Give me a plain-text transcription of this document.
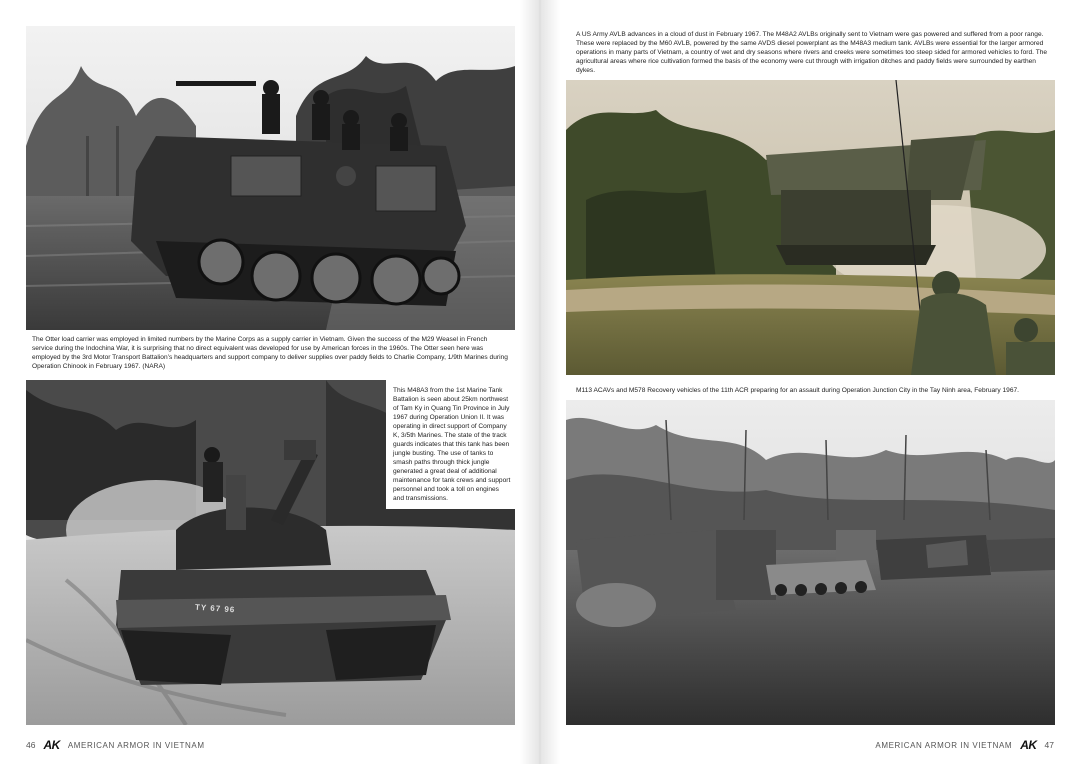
The Otter load carrier was employed in limited numbers by the Marine Corps as a supply carrier in Vietnam. Given the success of the M29 Weasel in French service during the Indochina War, it is surprising that no direct equivalent was developed for use by American forces in the 1960s. The Otter seen here was employed by the 3rd Motor Transport Battalion’s headquarters and support company to deliver supplies over paddy fields to Charlie Company, 1/9th Marines during Operation Chinook in February 1967. (NARA)
TY 67 96
This M48A3 from the 1st Marine Tank Battalion is seen about 25km northwest of Tam Ky in Quang Tin Province in July 1967 during Operation Union II. It was operating in direct support of Company K, 3/5th Marines. The state of the track guards indicates that this tank has been jungle busting. The use of tanks to smash paths through thick jungle generated a great deal of additional maintenance for tank crews and support personnel and took a toll on engines and transmissions.
46 AK AMERICAN ARMOR IN VIETNAM
A US Army AVLB advances in a cloud of dust in February 1967. The M48A2 AVLBs originally sent to Vietnam were gas powered and suffered from a poor range. These were replaced by the M60 AVLB, powered by the same AVDS diesel powerplant as the M48A3 medium tank. AVLBs were essential for the larger armored operations in many parts of Vietnam, a country of wet and dry seasons where rivers and creeks were sometimes too steep sided for armored vehicles to ford. The agricultural areas where rice cultivation formed the basis of the economy were cut through with irrigation ditches and paddy fields were surrounded by earthen dykes.
M113 ACAVs and M578 Recovery vehicles of the 11th ACR preparing for an assault during Operation Junction City in the Tay Ninh area, February 1967.
AMERICAN ARMOR IN VIETNAM AK 47
